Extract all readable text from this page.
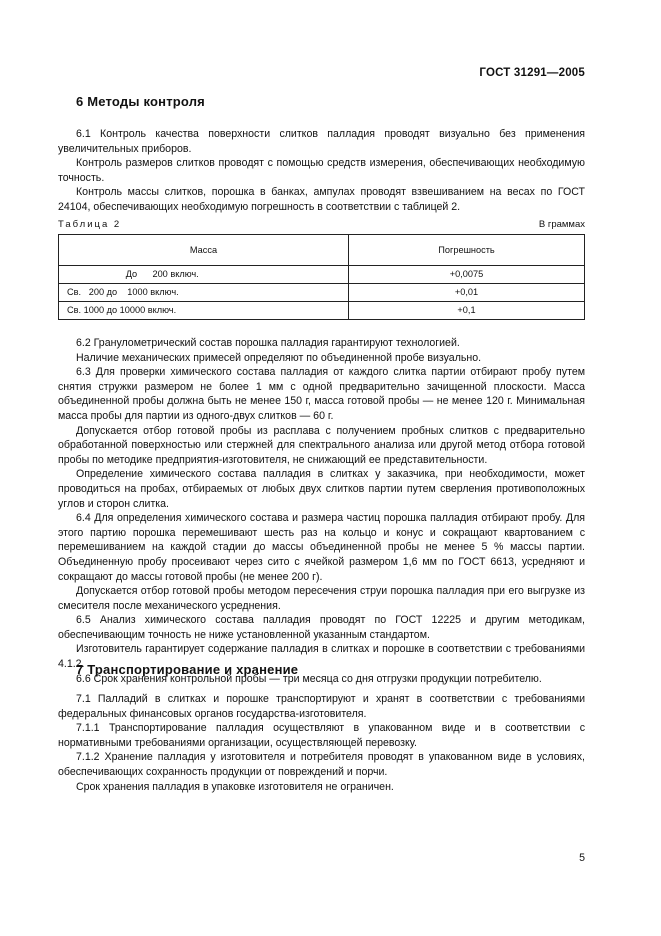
ГОСТ 31291—2005
6 Методы контроля

6.1 Контроль качества поверхности слитков палладия проводят визуально без применения увеличительных приборов.

Контроль размеров слитков проводят с помощью средств измерения, обеспечивающих необходимую точность.

Контроль массы слитков, порошка в банках, ампулах проводят взвешиванием на весах по ГОСТ 24104, обеспечивающих необходимую погрешность в соответствии с таблицей 2.

Таблица 2	В граммах
Масса	Погрешность
До      200 включ.	+0,0075
Св.   200 до    1000 включ.	+0,01
Св. 1000 до 10000 включ.	+0,1

6.2 Гранулометрический состав порошка палладия гарантируют технологией.

Наличие механических примесей определяют по объединенной пробе визуально.

6.3 Для проверки химического состава палладия от каждого слитка партии отбирают пробу путем снятия стружки размером не более 1 мм с одной предварительно зачищенной плоскости. Масса объединенной пробы должна быть не менее 150 г, масса готовой пробы — не менее 120 г. Минимальная масса пробы для партии из одного-двух слитков — 60 г.

Допускается отбор готовой пробы из расплава с получением пробных слитков с предварительно обработанной поверхностью или стержней для спектрального анализа или другой метод отбора готовой пробы по методике предприятия-изготовителя, не снижающий ее представительности.

Определение химического состава палладия в слитках у заказчика, при необходимости, может проводиться на пробах, отбираемых от любых двух слитков партии путем сверления противоположных углов и сторон слитка.

6.4 Для определения химического состава и размера частиц порошка палладия отбирают пробу. Для этого партию порошка перемешивают шесть раз на кольцо и конус и сокращают квартованием с перемешиванием на каждой стадии до массы объединенной пробы не менее 5 % массы партии. Объединенную пробу просеивают через сито с ячейкой размером 1,6 мм по ГОСТ 6613, усредняют и сокращают до массы готовой пробы (не менее 200 г).

Допускается отбор готовой пробы методом пересечения струи порошка палладия при его выгрузке из смесителя после механического усреднения.

6.5 Анализ химического состава палладия проводят по ГОСТ 12225 и другим методикам, обеспечивающим точность не ниже установленной указанным стандартом.

Изготовитель гарантирует содержание палладия в слитках и порошке в соответствии с требованиями 4.1.2.

6.6 Срок хранения контрольной пробы — три месяца со дня отгрузки продукции потребителю.

7 Транспортирование и хранение

7.1 Палладий в слитках и порошке транспортируют и хранят в соответствии с требованиями федеральных финансовых органов государства-изготовителя.

7.1.1 Транспортирование палладия осуществляют в упакованном виде и в соответствии с нормативными требованиями организации, осуществляющей перевозку.

7.1.2 Хранение палладия у изготовителя и потребителя проводят в упакованном виде в условиях, обеспечивающих сохранность продукции от повреждений и порчи.

Срок хранения палладия в упаковке изготовителя не ограничен.

5
